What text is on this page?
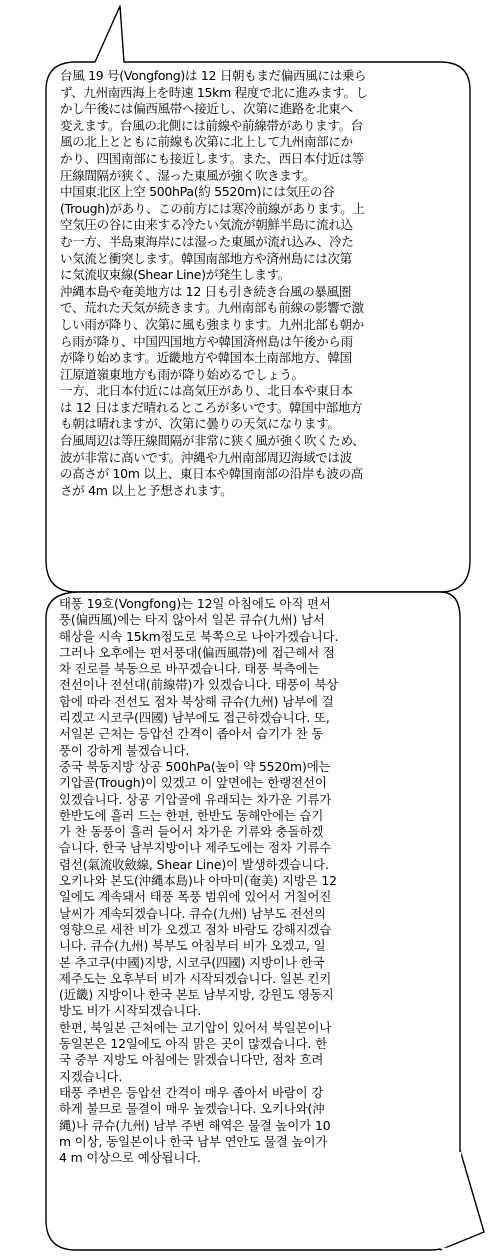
台風 19 号(Vongfong)は 12 日朝もまだ偏西風には乗ら
ず、九州南西海上を時速 15km 程度で北に進みます。し
かし午後には偏西風帯へ接近し、次第に進路を北東へ
変えます。台風の北側には前線や前線帯があります。台
風の北上とともに前線も次第に北上して九州南部にか
かり、四国南部にも接近します。また、西日本付近は等
圧線間隔が狭く、湿った東風が強く吹きます。

中国東北区上空 500hPa(約 5520m)には気圧の谷
(Trough)があり、この前方には寒冷前線があります。上
空気圧の谷に由来する冷たい気流が朝鮮半島に流れ込
む一方、半島東海岸には湿った東風が流れ込み、冷た
い気流と衝突します。韓国南部地方や済州島には次第
に気流収束線(Shear Line)が発生します。

沖縄本島や奄美地方は 12 日も引き続き台風の暴風圏
で、荒れた天気が続きます。九州南部も前線の影響で激
しい雨が降り、次第に風も強まります。九州北部も朝か
ら雨が降り、中国四国地方や韓国済州島は午後から雨
が降り始めます。近畿地方や韓国本土南部地方、韓国
江原道嶺東地方も雨が降り始めるでしょう。

一方、北日本付近には高気圧があり、北日本や東日本
は 12 日はまだ晴れるところが多いです。韓国中部地方
も朝は晴れますが、次第に曇りの天気になります。

台風周辺は等圧線間隔が非常に狭く風が強く吹くため、
波が非常に高いです。沖縄や九州南部周辺海域では波
の高さが 10m 以上、東日本や韓国南部の沿岸も波の高
さが 4m 以上と予想されます。

태풍 19호(Vongfong)는 12일 아침에도 아직 편서
풍(偏西風)에는 타지 않아서 일본 큐슈(九州) 남서
해상을 시속 15km정도로 북쪽으로 나아가겠습니다.
그러나 오후에는 편서풍대(偏西風帯)에 접근해서 점
차 진로를 북동으로 바꾸겠습니다. 태풍 북측에는
전선이나 전선대(前線帯)가 있겠습니다. 태풍이 북상
함에 따라 전선도 점차 북상해 큐슈(九州) 남부에 걸
리겠고 시코쿠(四國) 남부에도 접근하겠습니다. 또,
서일본 근처는 등압선 간격이 좁아서 습기가 찬 동
풍이 강하게 불겠습니다.

중국 북동지방 상공 500hPa(높이 약 5520m)에는
기압골(Trough)이 있겠고 이 앞면에는 한랭전선이
있겠습니다. 상공 기압골에 유래되는 차가운 기류가
한반도에 흘러 드는 한편, 한반도 동해안에는 습기
가 찬 동풍이 흘러 들어서 차가운 기류와 충돌하겠
습니다. 한국 남부지방이나 제주도에는 점차 기류수
렴선(氣流收斂線, Shear Line)이 발생하겠습니다.

오키나와 본도(沖縄本島)나 아마미(奄美) 지방은 12
일에도 계속돼서 태풍 폭풍 범위에 있어서 거칠어진
날씨가 계속되겠습니다. 큐슈(九州) 남부도 전선의
영향으로 세찬 비가 오겠고 점차 바람도 강해지겠습
니다. 큐슈(九州) 북부도 아침부터 비가 오겠고, 일
본 추고쿠(中國)지방, 시코쿠(四國) 지방이나 한국
제주도는 오후부터 비가 시작되겠습니다. 일본 킨키
(近畿) 지방이나 한국 본토 남부지방, 강원도 영동지
방도 비가 시작되겠습니다.

한편, 북일본 근처에는 고기압이 있어서 북일본이나
동일본은 12일에도 아직 맑은 곳이 많겠습니다. 한
국 중부 지방도 아침에는 맑겠습니다만, 점차 흐려
지겠습니다.

태풍 주변은 등압선 간격이 매우 좁아서 바람이 강
하게 불므로 물결이 매우 높겠습니다. 오키나와(沖
縄)나 큐슈(九州) 남부 주변 해역은 물결 높이가 10
m 이상, 동일본이나 한국 남부 연안도 물결 높이가
4 m 이상으로 예상됩니다.
